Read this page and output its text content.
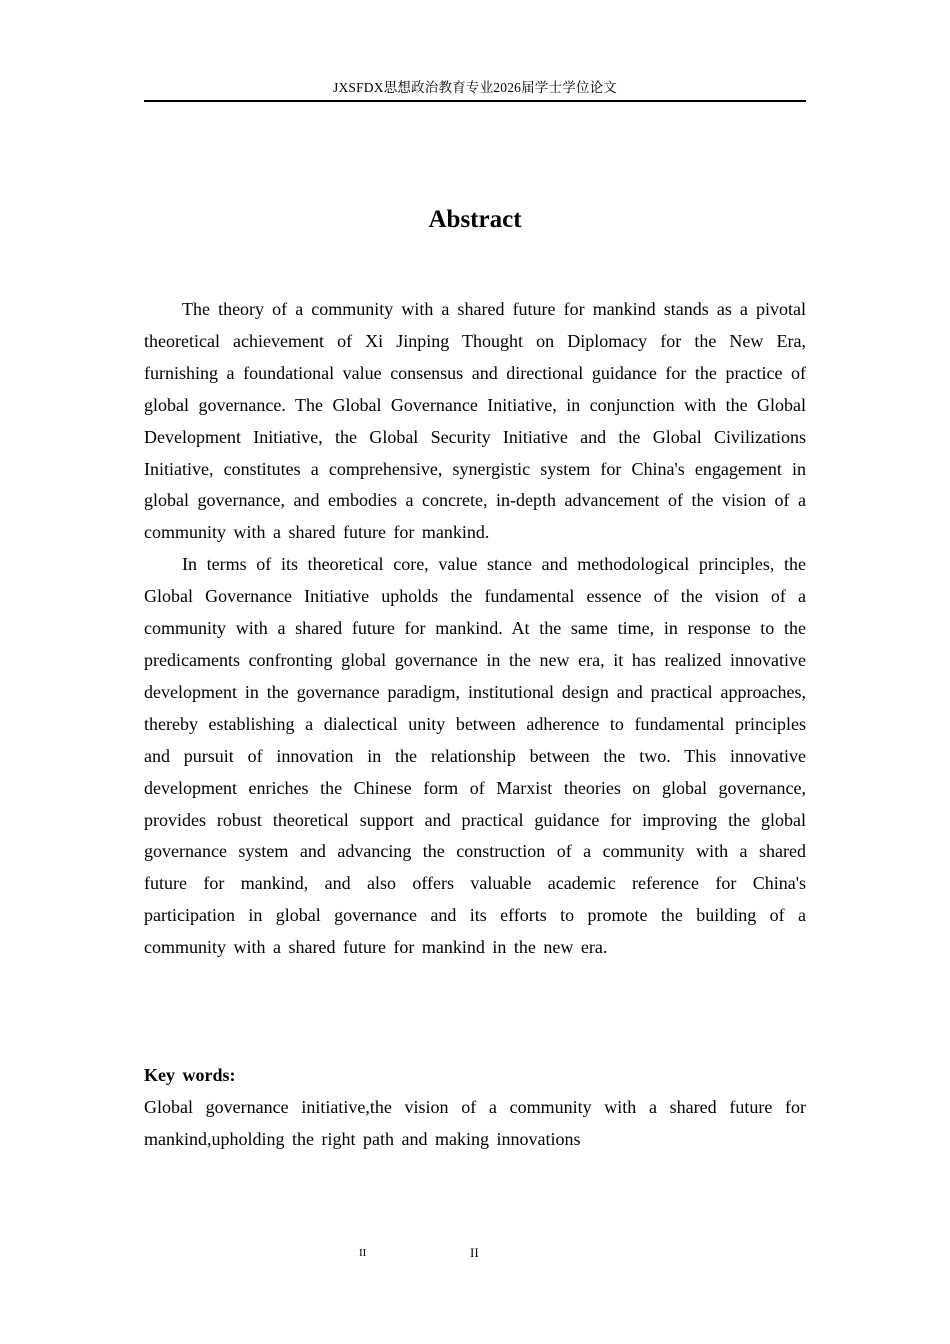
JXSFDX思想政治教育专业2026届学士学位论文
Abstract

The theory of a community with a shared future for mankind stands as a pivotal theoretical achievement of Xi Jinping Thought on Diplomacy for the New Era, furnishing a foundational value consensus and directional guidance for the practice of global governance. The Global Governance Initiative, in conjunction with the Global Development Initiative, the Global Security Initiative and the Global Civilizations Initiative, constitutes a comprehensive, synergistic system for China's engagement in global governance, and embodies a concrete, in-depth advancement of the vision of a community with a shared future for mankind.

In terms of its theoretical core, value stance and methodological principles, the Global Governance Initiative upholds the fundamental essence of the vision of a community with a shared future for mankind. At the same time, in response to the predicaments confronting global governance in the new era, it has realized innovative development in the governance paradigm, institutional design and practical approaches, thereby establishing a dialectical unity between adherence to fundamental principles and pursuit of innovation in the relationship between the two. This innovative development enriches the Chinese form of Marxist theories on global governance, provides robust theoretical support and practical guidance for improving the global governance system and advancing the construction of a community with a shared future for mankind, and also offers valuable academic reference for China's participation in global governance and its efforts to promote the building of a community with a shared future for mankind in the new era.

Key words:
Global governance initiative,the vision of a community with a shared future for mankind,upholding the right path and making innovations
II	II
